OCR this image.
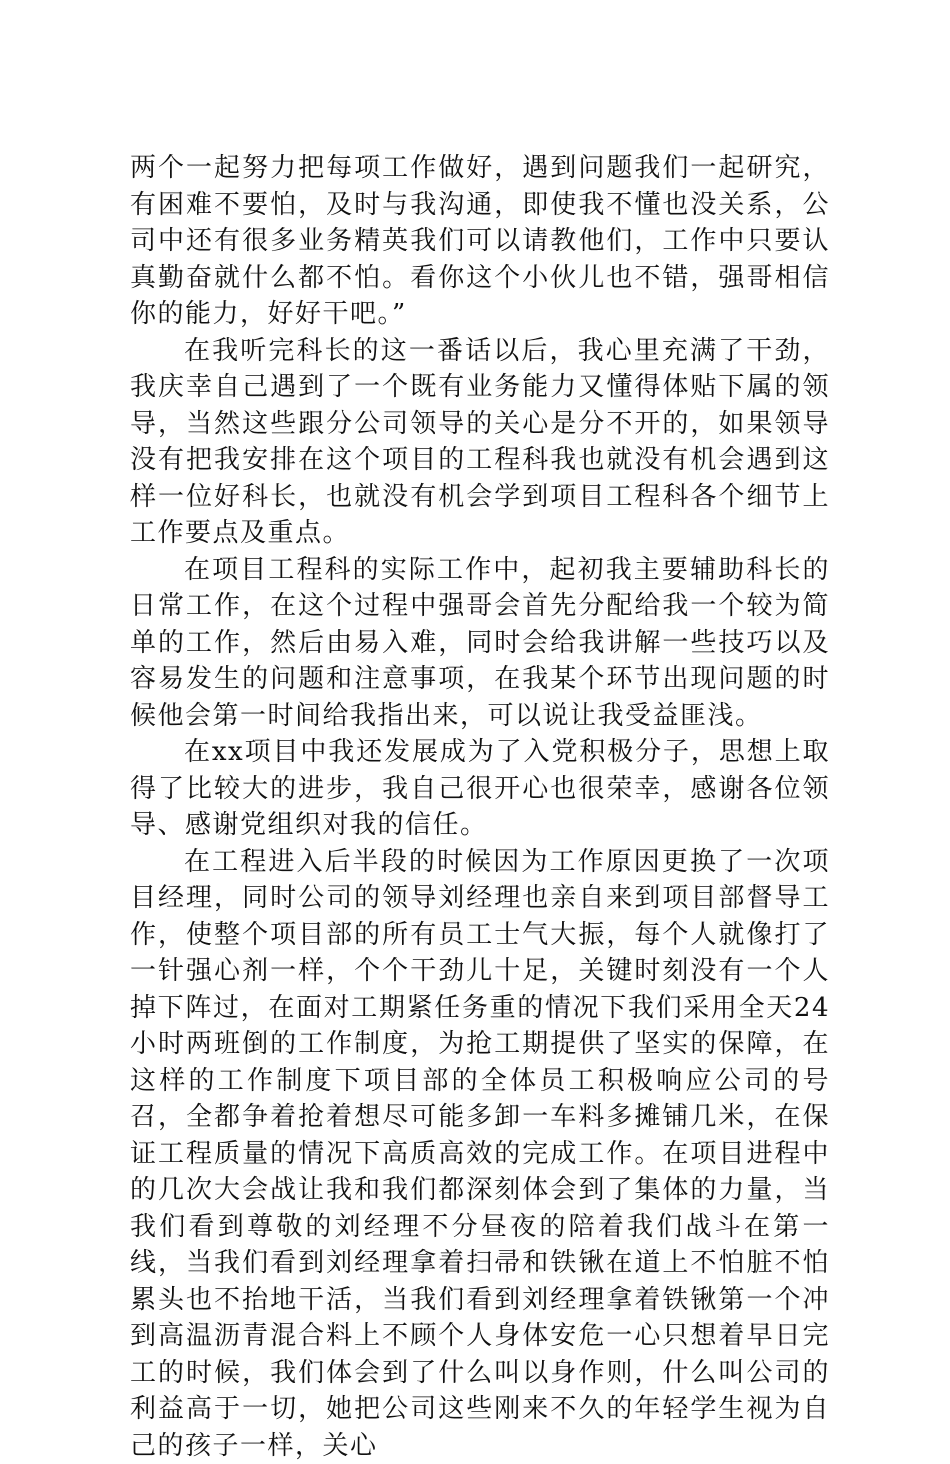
两个一起努力把每项工作做好，遇到问题我们一起研究，有困难不要怕，及时与我沟通，即使我不懂也没关系，公司中还有很多业务精英我们可以请教他们，工作中只要认真勤奋就什么都不怕。看你这个小伙儿也不错，强哥相信你的能力，好好干吧。”

在我听完科长的这一番话以后，我心里充满了干劲，我庆幸自己遇到了一个既有业务能力又懂得体贴下属的领导，当然这些跟分公司领导的关心是分不开的，如果领导没有把我安排在这个项目的工程科我也就没有机会遇到这样一位好科长，也就没有机会学到项目工程科各个细节上工作要点及重点。

在项目工程科的实际工作中，起初我主要辅助科长的日常工作，在这个过程中强哥会首先分配给我一个较为简单的工作，然后由易入难，同时会给我讲解一些技巧以及容易发生的问题和注意事项，在我某个环节出现问题的时候他会第一时间给我指出来，可以说让我受益匪浅。

在xx项目中我还发展成为了入党积极分子，思想上取得了比较大的进步，我自己很开心也很荣幸，感谢各位领导、感谢党组织对我的信任。

在工程进入后半段的时候因为工作原因更换了一次项目经理，同时公司的领导刘经理也亲自来到项目部督导工作，使整个项目部的所有员工士气大振，每个人就像打了一针强心剂一样，个个干劲儿十足，关键时刻没有一个人掉下阵过，在面对工期紧任务重的情况下我们采用全天24小时两班倒的工作制度，为抢工期提供了坚实的保障，在这样的工作制度下项目部的全体员工积极响应公司的号召，全都争着抢着想尽可能多卸一车料多摊铺几米，在保证工程质量的情况下高质高效的完成工作。在项目进程中的几次大会战让我和我们都深刻体会到了集体的力量，当我们看到尊敬的刘经理不分昼夜的陪着我们战斗在第一线，当我们看到刘经理拿着扫帚和铁锹在道上不怕脏不怕累头也不抬地干活，当我们看到刘经理拿着铁锹第一个冲到高温沥青混合料上不顾个人身体安危一心只想着早日完工的时候，我们体会到了什么叫以身作则，什么叫公司的利益高于一切，她把公司这些刚来不久的年轻学生视为自己的孩子一样，关心
